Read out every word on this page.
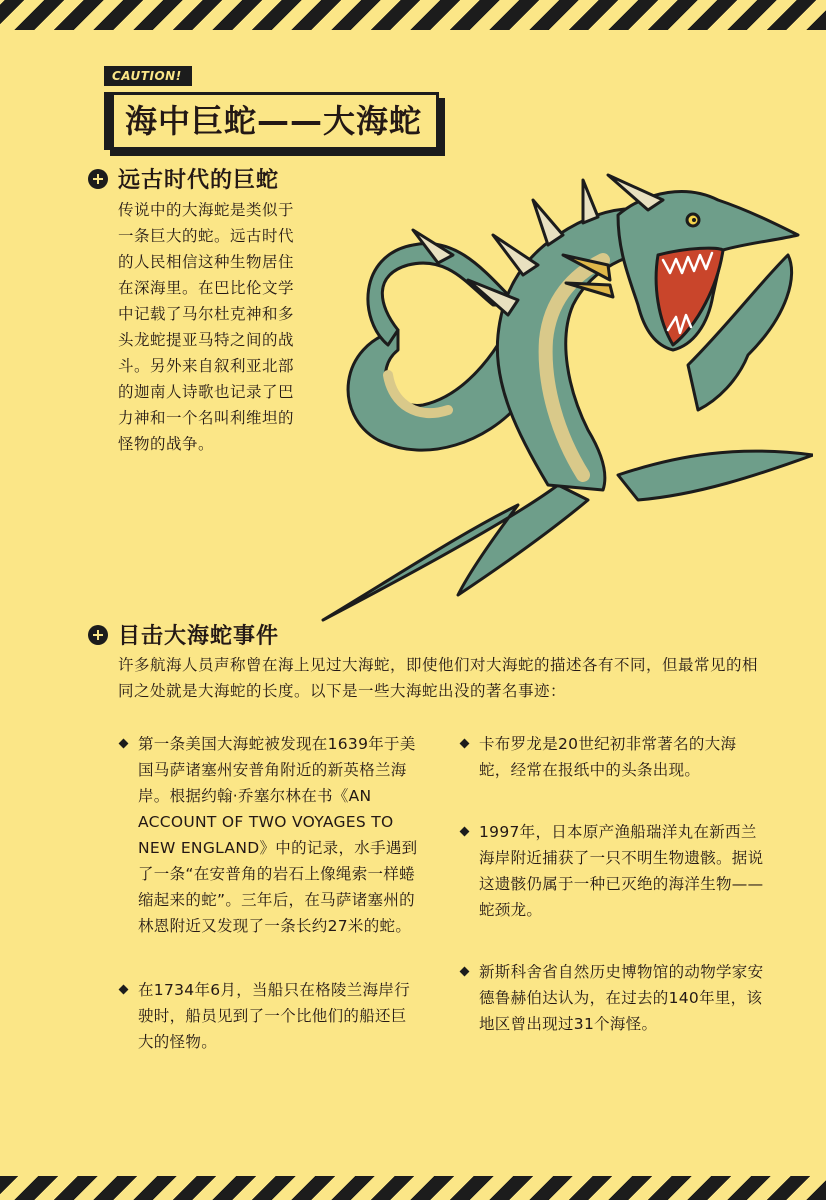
CAUTION!
海中巨蛇——大海蛇
远古时代的巨蛇

传说中的大海蛇是类似于一条巨大的蛇。远古时代的人民相信这种生物居住在深海里。在巴比伦文学中记载了马尔杜克神和多头龙蛇提亚马特之间的战斗。另外来自叙利亚北部的迦南人诗歌也记录了巴力神和一个名叫利维坦的怪物的战争。

目击大海蛇事件

许多航海人员声称曾在海上见过大海蛇，即使他们对大海蛇的描述各有不同，但最常见的相同之处就是大海蛇的长度。以下是一些大海蛇出没的著名事迹：

第一条美国大海蛇被发现在1639年于美国马萨诸塞州安普角附近的新英格兰海岸。根据约翰·乔塞尔林在书《AN ACCOUNT OF TWO VOYAGES TO NEW ENGLAND》中的记录，水手遇到了一条“在安普角的岩石上像绳索一样蜷缩起来的蛇”。三年后，在马萨诸塞州的林恩附近又发现了一条长约27米的蛇。
在1734年6月，当船只在格陵兰海岸行驶时，船员见到了一个比他们的船还巨大的怪物。
卡布罗龙是20世纪初非常著名的大海蛇，经常在报纸中的头条出现。
1997年，日本原产渔船瑞洋丸在新西兰海岸附近捕获了一只不明生物遗骸。据说这遗骸仍属于一种已灭绝的海洋生物——蛇颈龙。
新斯科舍省自然历史博物馆的动物学家安德鲁赫伯达认为，在过去的140年里，该地区曾出现过31个海怪。
